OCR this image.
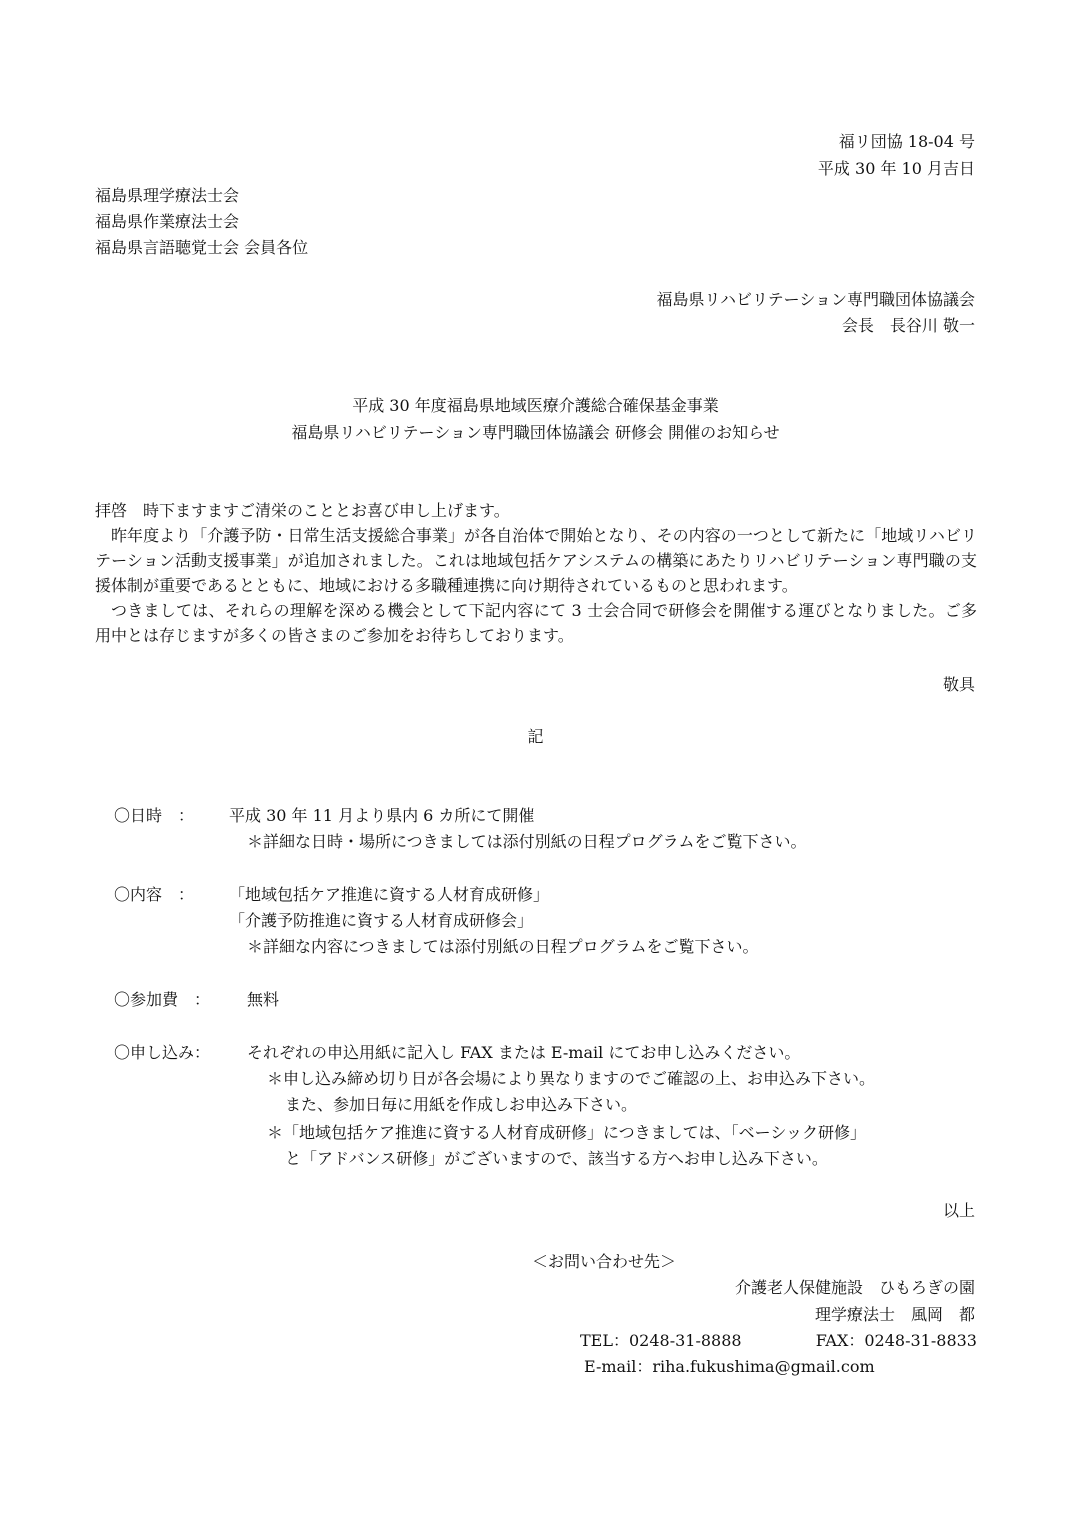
福リ団協 18-04 号
平成 30 年 10 月吉日
福島県理学療法士会
福島県作業療法士会
福島県言語聴覚士会 会員各位
福島県リハビリテーション専門職団体協議会
会長　長谷川 敬一
平成 30 年度福島県地域医療介護総合確保基金事業
福島県リハビリテーション専門職団体協議会 研修会 開催のお知らせ

拝啓　時下ますますご清栄のこととお喜び申し上げます。

昨年度より「介護予防・日常生活支援総合事業」が各自治体で開始となり、その内容の一つとして新たに「地域リハビリテーション活動支援事業」が追加されました。これは地域包括ケアシステムの構築にあたりリハビリテーション専門職の支援体制が重要であるとともに、地域における多職種連携に向け期待されているものと思われます。

つきましては、それらの理解を深める機会として下記内容にて 3 士会合同で研修会を開催する運びとなりました。ご多用中とは存じますが多くの皆さまのご参加をお待ちしております。

敬具
記
〇日時　： 平成 30 年 11 月より県内 6 カ所にて開催
＊詳細な日時・場所につきましては添付別紙の日程プログラムをご覧下さい。
〇内容　： 「地域包括ケア推進に資する人材育成研修」
「介護予防推進に資する人材育成研修会」
＊詳細な内容につきましては添付別紙の日程プログラムをご覧下さい。
〇参加費　： 無料
〇申し込み： それぞれの申込用紙に記入し FAX または E-mail にてお申し込みください。
＊申し込み締め切り日が各会場により異なりますのでご確認の上、お申込み下さい。
また、参加日毎に用紙を作成しお申込み下さい。
＊「地域包括ケア推進に資する人材育成研修」につきましては、「ベーシック研修」
と「アドバンス研修」がございますので、該当する方へお申し込み下さい。
以上
＜お問い合わせ先＞
介護老人保健施設　ひもろぎの園
理学療法士　風岡　都
TEL：0248-31-8888	FAX：0248-31-8833
E-mail：riha.fukushima@gmail.com
